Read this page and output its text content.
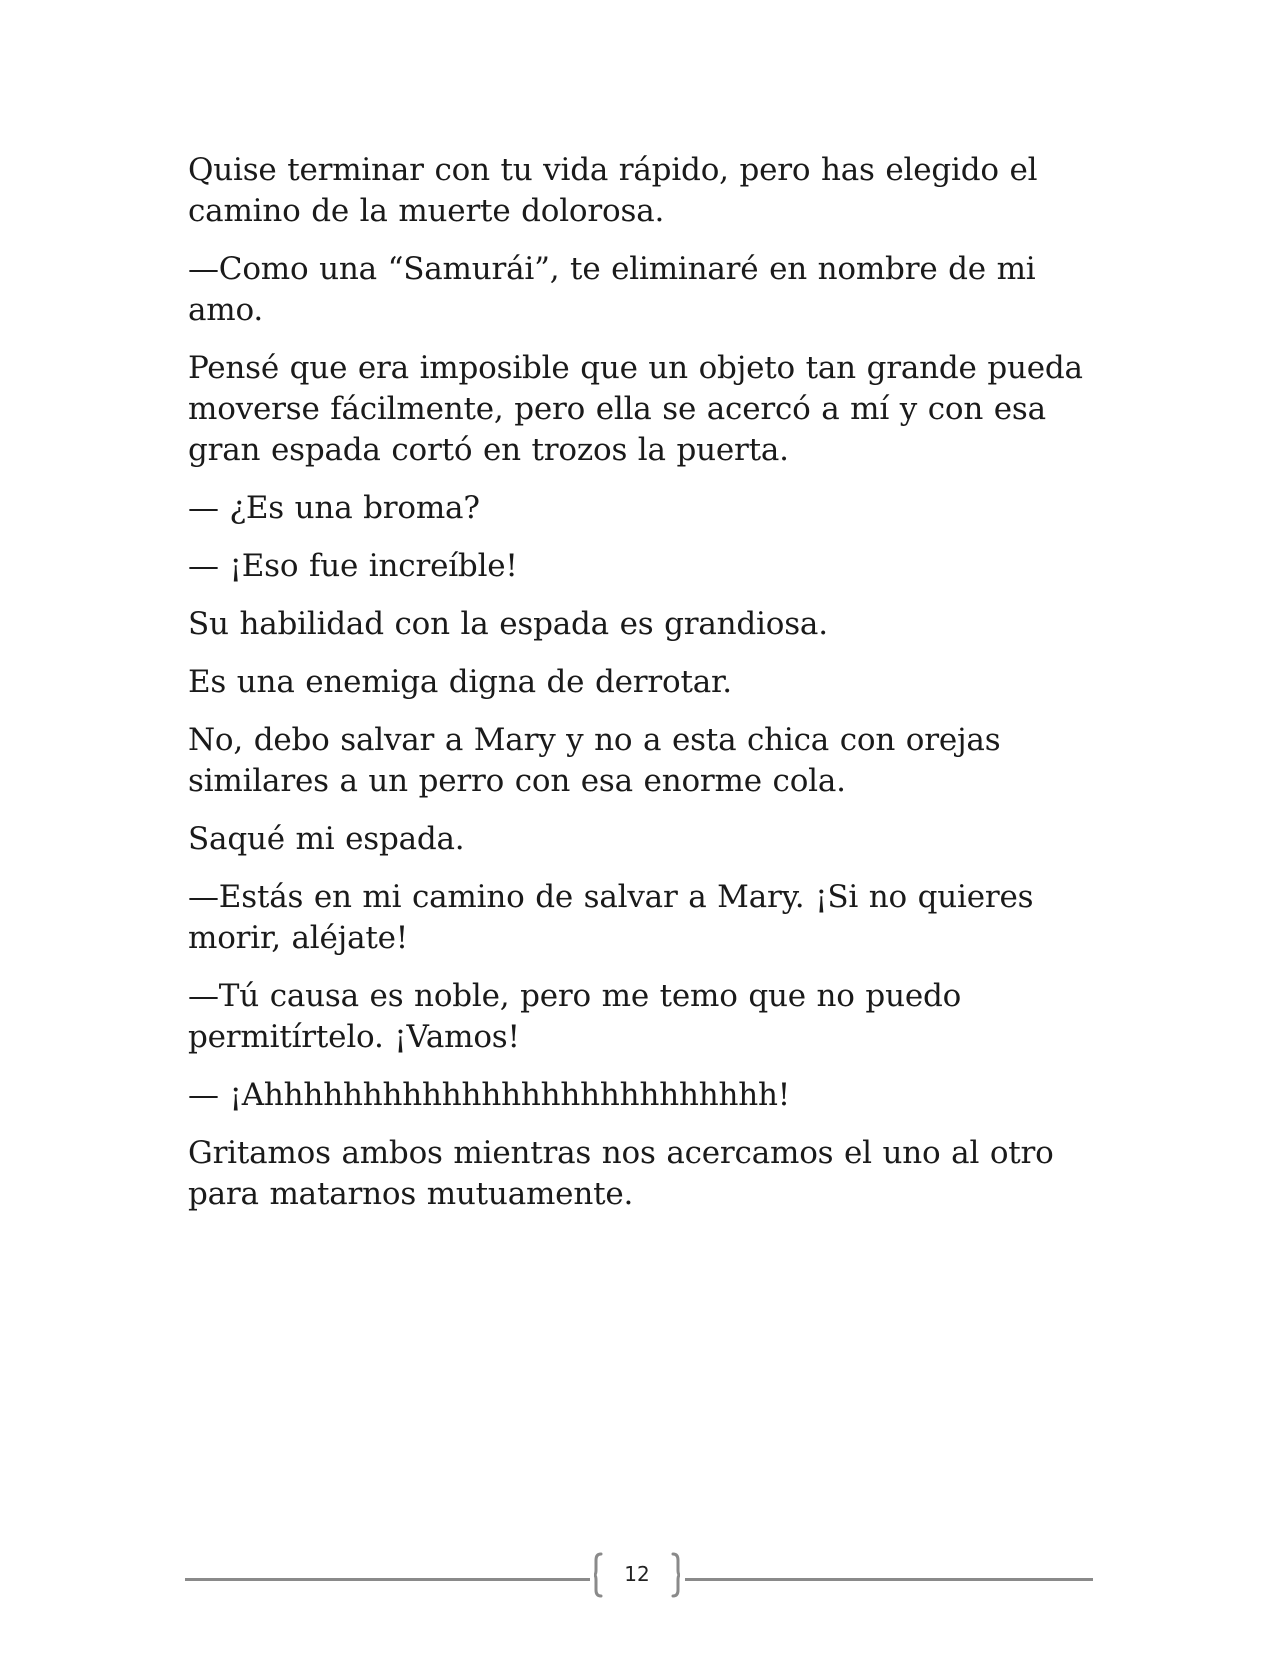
Quise terminar con tu vida rápido, pero has elegido el camino de la muerte dolorosa.

—Como una “Samurái”, te eliminaré en nombre de mi amo.

Pensé que era imposible que un objeto tan grande pueda moverse fácilmente, pero ella se acercó a mí y con esa gran espada cortó en trozos la puerta.

— ¿Es una broma?

— ¡Eso fue increíble!

Su habilidad con la espada es grandiosa.

Es una enemiga digna de derrotar.

No, debo salvar a Mary y no a esta chica con orejas similares a un perro con esa enorme cola.

Saqué mi espada.

—Estás en mi camino de salvar a Mary. ¡Si no quieres morir, aléjate!

—Tú causa es noble, pero me temo que no puedo permitírtelo. ¡Vamos!

— ¡Ahhhhhhhhhhhhhhhhhhhhhhhhhh!

Gritamos ambos mientras nos acercamos el uno al otro para matarnos mutuamente.

12
